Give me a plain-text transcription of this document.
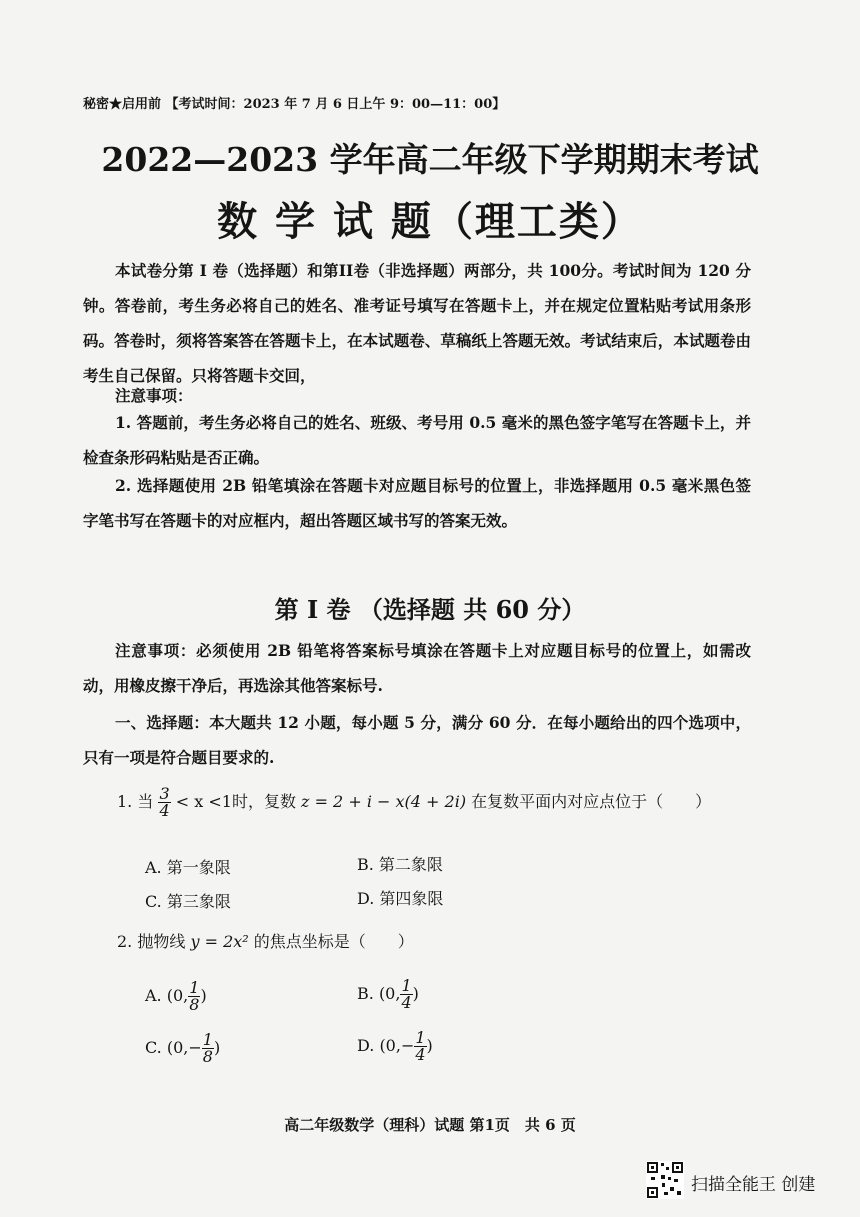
秘密★启用前 【考试时间：2023 年 7 月 6 日上午 9：00—11：00】
2022—2023 学年高二年级下学期期末考试
数 学 试 题（理工类）
本试卷分第 I 卷（选择题）和第II卷（非选择题）两部分，共 100分。考试时间为 120 分钟。答卷前，考生务必将自己的姓名、准考证号填写在答题卡上，并在规定位置粘贴考试用条形码。答卷时，须将答案答在答题卡上，在本试题卷、草稿纸上答题无效。考试结束后，本试题卷由考生自己保留。只将答题卡交回，
注意事项：
1. 答题前，考生务必将自己的姓名、班级、考号用 0.5 毫米的黑色签字笔写在答题卡上，并检查条形码粘贴是否正确。
2. 选择题使用 2B 铅笔填涂在答题卡对应题目标号的位置上，非选择题用 0.5 毫米黑色签字笔书写在答题卡的对应框内，超出答题区域书写的答案无效。
第 I 卷 （选择题 共 60 分）
注意事项：必须使用 2B 铅笔将答案标号填涂在答题卡上对应题目标号的位置上，如需改动，用橡皮擦干净后，再选涂其他答案标号.
一、选择题：本大题共 12 小题，每小题 5 分，满分 60 分．在每小题给出的四个选项中，只有一项是符合题目要求的.
1. 当 $\frac{3}{4} < x <1$时，复数 z = 2 + i − x(4 + 2i) 在复数平面内对应点位于（　　）
A. 第一象限	B. 第二象限
C. 第三象限	D. 第四象限
2. 抛物线 y = 2x² 的焦点坐标是（　　）
A. (0, $\frac{1}{8}$ )	B. (0, $\frac{1}{4}$ )
C. ($0,- \frac{1}{8}$ )	D. ($0,- \frac{1}{4}$ )
高二年级数学（理科）试题 第1页　共 6 页
扫描全能王 创建
